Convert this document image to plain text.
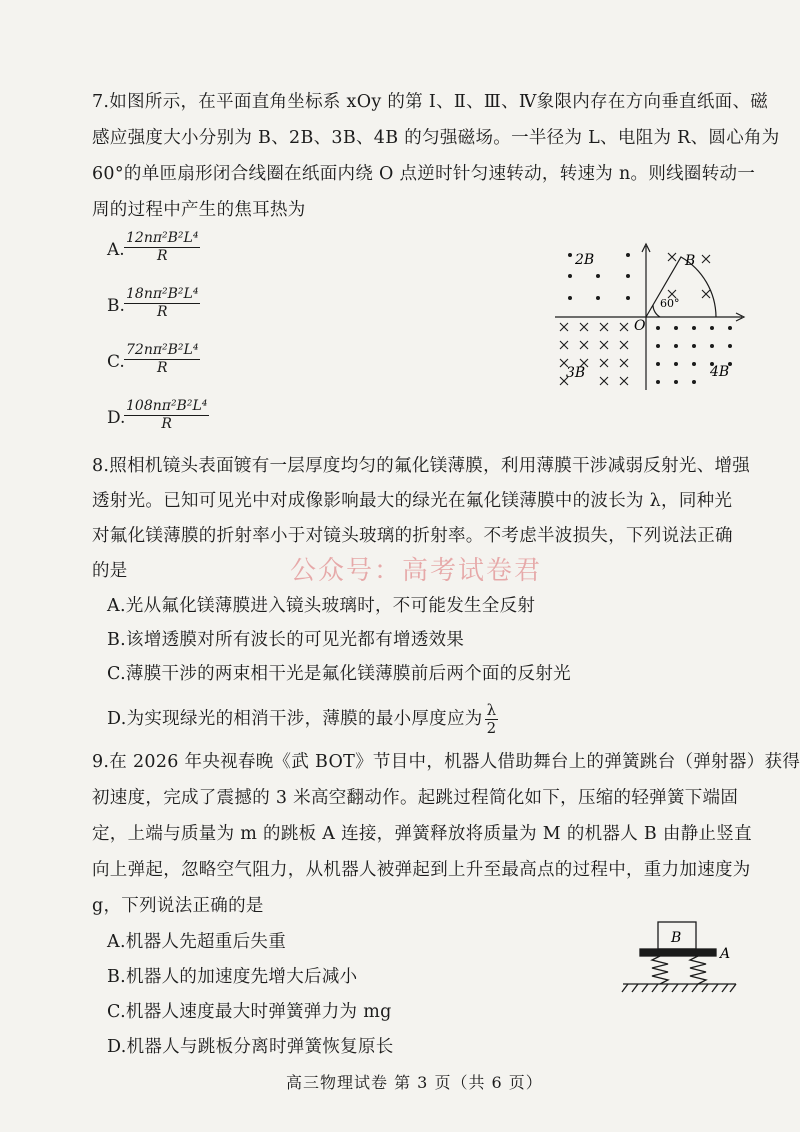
7.如图所示，在平面直角坐标系 xOy 的第 Ⅰ、Ⅱ、Ⅲ、Ⅳ象限内存在方向垂直纸面、磁
感应强度大小分别为 B、2B、3B、4B 的匀强磁场。一半径为 L、电阻为 R、圆心角为
60°的单匝扇形闭合线圈在纸面内绕 O 点逆时针匀速转动，转速为 n。则线圈转动一
周的过程中产生的焦耳热为
A. $\frac{\text{12nπ²B²L⁴}}{R}$
B. $\frac{\text{18nπ²B²L⁴}}{R}$
C. $\frac{\text{72nπ²B²L⁴}}{R}$
D.
$\frac{\text{108nπ²B²L⁴}}{R}$
B
2B
3B	4B
O
60°
8.照相机镜头表面镀有一层厚度均匀的氟化镁薄膜，利用薄膜干涉减弱反射光、增强
透射光。已知可见光中对成像影响最大的绿光在氟化镁薄膜中的波长为 λ，同种光
对氟化镁薄膜的折射率小于对镜头玻璃的折射率。不考虑半波损失，下列说法正确
的是	公众号：高考试卷君
A.光从氟化镁薄膜进入镜头玻璃时，不可能发生全反射
B.该增透膜对所有波长的可见光都有增透效果
C.薄膜干涉的两束相干光是氟化镁薄膜前后两个面的反射光
D.为实现绿光的相消干涉，薄膜的最小厚度应为 $\frac{\lambda}{2}$
9.在 2026 年央视春晚《武 BOT》节目中，机器人借助舞台上的弹簧跳台（弹射器）获得
初速度，完成了震撼的 3 米高空翻动作。起跳过程简化如下，压缩的轻弹簧下端固
定，上端与质量为 m 的跳板 A 连接，弹簧释放将质量为 M 的机器人 B 由静止竖直
向上弹起，忽略空气阻力，从机器人被弹起到上升至最高点的过程中，重力加速度为
g，下列说法正确的是
A.机器人先超重后失重
B.机器人的加速度先增大后减小
C.机器人速度最大时弹簧弹力为 mg
D.机器人与跳板分离时弹簧恢复原长
B
A
高三物理试卷 第 3 页（共 6 页）
